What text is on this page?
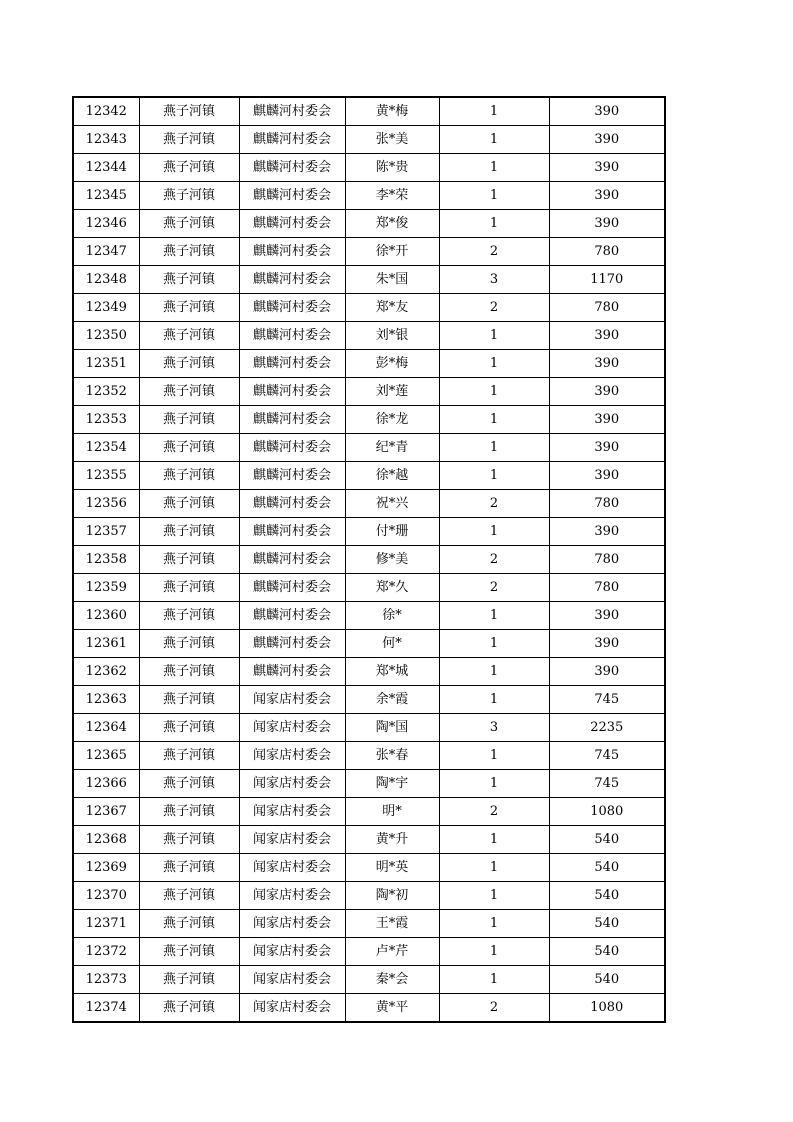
12342	燕子河镇	麒麟河村委会	黄*梅	1	390
12343	燕子河镇	麒麟河村委会	张*美	1	390
12344	燕子河镇	麒麟河村委会	陈*贵	1	390
12345	燕子河镇	麒麟河村委会	李*荣	1	390
12346	燕子河镇	麒麟河村委会	郑*俊	1	390
12347	燕子河镇	麒麟河村委会	徐*开	2	780
12348	燕子河镇	麒麟河村委会	朱*国	3	1170
12349	燕子河镇	麒麟河村委会	郑*友	2	780
12350	燕子河镇	麒麟河村委会	刘*银	1	390
12351	燕子河镇	麒麟河村委会	彭*梅	1	390
12352	燕子河镇	麒麟河村委会	刘*莲	1	390
12353	燕子河镇	麒麟河村委会	徐*龙	1	390
12354	燕子河镇	麒麟河村委会	纪*青	1	390
12355	燕子河镇	麒麟河村委会	徐*越	1	390
12356	燕子河镇	麒麟河村委会	祝*兴	2	780
12357	燕子河镇	麒麟河村委会	付*珊	1	390
12358	燕子河镇	麒麟河村委会	修*美	2	780
12359	燕子河镇	麒麟河村委会	郑*久	2	780
12360	燕子河镇	麒麟河村委会	徐*	1	390
12361	燕子河镇	麒麟河村委会	何*	1	390
12362	燕子河镇	麒麟河村委会	郑*城	1	390
12363	燕子河镇	闻家店村委会	余*霞	1	745
12364	燕子河镇	闻家店村委会	陶*国	3	2235
12365	燕子河镇	闻家店村委会	张*春	1	745
12366	燕子河镇	闻家店村委会	陶*宇	1	745
12367	燕子河镇	闻家店村委会	明*	2	1080
12368	燕子河镇	闻家店村委会	黄*升	1	540
12369	燕子河镇	闻家店村委会	明*英	1	540
12370	燕子河镇	闻家店村委会	陶*初	1	540
12371	燕子河镇	闻家店村委会	王*霞	1	540
12372	燕子河镇	闻家店村委会	卢*芹	1	540
12373	燕子河镇	闻家店村委会	秦*会	1	540
12374	燕子河镇	闻家店村委会	黄*平	2	1080
